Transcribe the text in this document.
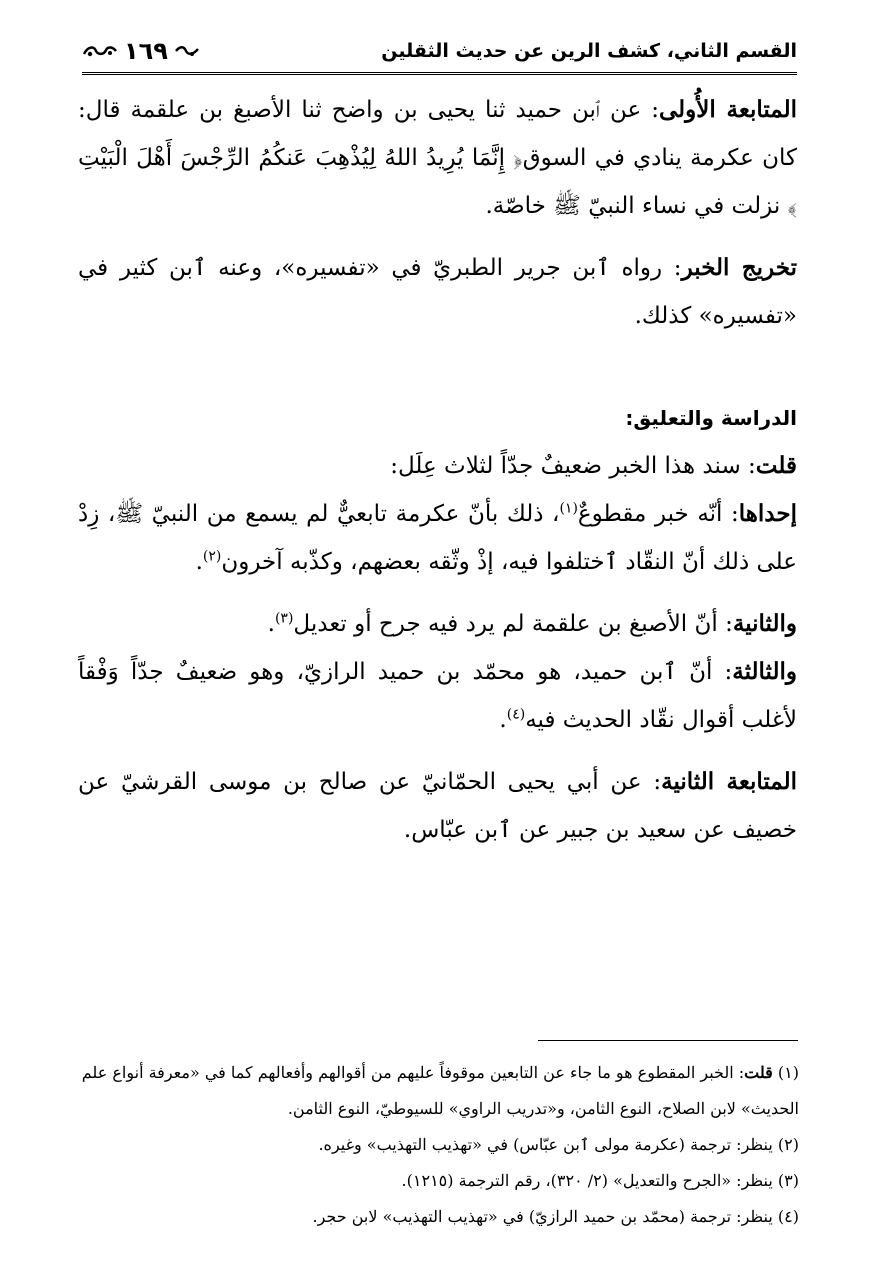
القسم الثاني، كشف الرين عن حديث الثقلين
١٦٩

المتابعة الأُولى: عن ٱبن حميد ثنا يحيى بن واضح ثنا الأصبغ بن علقمة قال: كان عكرمة ينادي في السوق﴿ إِنَّمَا يُرِيدُ اللهُ لِيُذْهِبَ عَنكُمُ الرِّجْسَ أَهْلَ الْبَيْتِ ﴾ نزلت في نساء النبيّ ﷺ خاصّة.

تخريج الخبر: رواه ٱبن جرير الطبريّ في «تفسيره»، وعنه ٱبن كثير في «تفسيره» كذلك.

الدراسة والتعليق:

قلت: سند هذا الخبر ضعيفٌ جدّاً لثلاث عِلَل:

إحداها: أنّه خبر مقطوعٌ$^{(١)}$، ذلك بأنّ عكرمة تابعيٌّ لم يسمع من النبيّ ﷺ، زِدْ على ذلك أنّ النقّاد ٱختلفوا فيه، إذْ وثّقه بعضهم، وكذّبه آخرون$^{(٢)}$.

والثانية: أنّ الأصبغ بن علقمة لم يرد فيه جرح أو تعديل$^{(٣)}$.

والثالثة: أنّ ٱبن حميد، هو محمّد بن حميد الرازيّ، وهو ضعيفٌ جدّاً وَفْقاً لأغلب أقوال نقّاد الحديث فيه$^{(٤)}$.

المتابعة الثانية: عن أبي يحيى الحمّانيّ عن صالح بن موسى القرشيّ عن خصيف عن سعيد بن جبير عن ٱبن عبّاس.

(١) قلت: الخبر المقطوع هو ما جاء عن التابعين موقوفاً عليهم من أقوالهم وأفعالهم كما في «معرفة أنواع علم الحديث» لابن الصلاح، النوع الثامن، و«تدريب الراوي» للسيوطيّ، النوع الثامن.

(٢) ينظر: ترجمة (عكرمة مولى ٱبن عبّاس) في «تهذيب التهذيب» وغيره.

(٣) ينظر: «الجرح والتعديل» (٢/ ٣٢٠)، رقم الترجمة (١٢١٥).

(٤) ينظر: ترجمة (محمّد بن حميد الرازيّ) في «تهذيب التهذيب» لابن حجر.
